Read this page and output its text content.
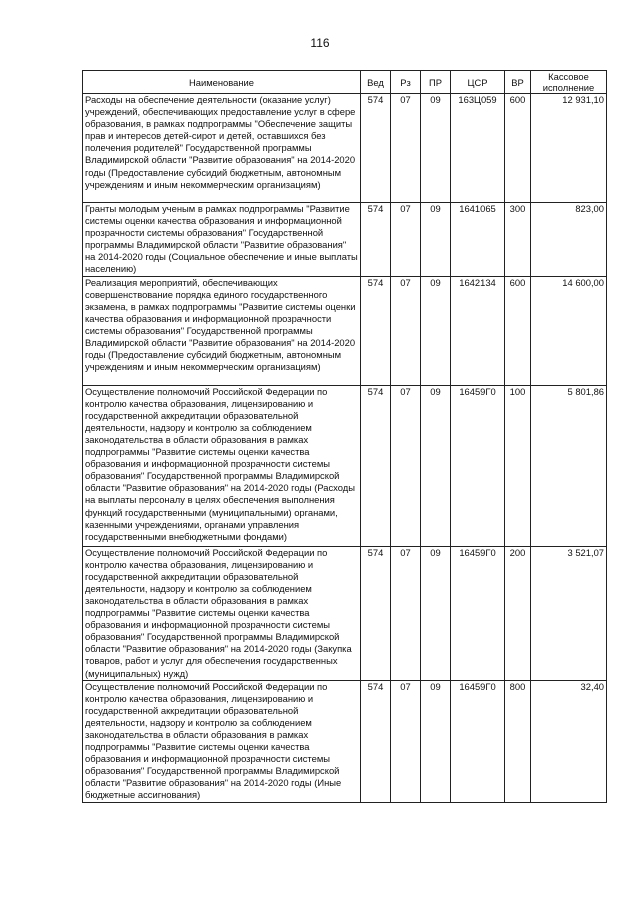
116
Наименование	Вед	Рз	ПР	ЦСР	ВР	Кассовое исполнение
Расходы на обеспечение деятельности (оказание услуг) учреждений, обеспечивающих предоставление услуг в сфере образования, в рамках подпрограммы "Обеспечение защиты прав и интересов детей-сирот и детей, оставшихся без полечения родителей" Государственной программы Владимирской области "Развитие образования" на 2014-2020 годы (Предоставление субсидий бюджетным, автономным учреждениям и иным некоммерческим организациям)	574	07	09	163Ц059	600	12 931,10
Гранты молодым ученым в рамках подпрограммы "Развитие системы оценки качества образования и информационной прозрачности системы образования" Государственной программы Владимирской области "Развитие образования" на 2014-2020 годы (Социальное обеспечение и иные выплаты населению)	574	07	09	1641065	300	823,00
Реализация мероприятий, обеспечивающих совершенствование порядка единого государственного экзамена, в рамках подпрограммы "Развитие системы оценки качества образования и информационной прозрачности системы образования" Государственной программы Владимирской области "Развитие образования" на 2014-2020 годы (Предоставление субсидий бюджетным, автономным учреждениям и иным некоммерческим организациям)	574	07	09	1642134	600	14 600,00
Осуществление полномочий Российской Федерации по контролю качества образования, лицензированию и государственной аккредитации образовательной деятельности, надзору и контролю за соблюдением законодательства в области образования в рамках подпрограммы "Развитие системы оценки качества образования и информационной прозрачности системы образования" Государственной программы Владимирской области "Развитие образования" на 2014-2020 годы (Расходы на выплаты персоналу в целях обеспечения выполнения функций государственными (муниципальными) органами, казенными учреждениями, органами управления государственными внебюджетными фондами)	574	07	09	16459Г0	100	5 801,86
Осуществление полномочий Российской Федерации по контролю качества образования, лицензированию и государственной аккредитации образовательной деятельности, надзору и контролю за соблюдением законодательства в области образования в рамках подпрограммы "Развитие системы оценки качества образования и информационной прозрачности системы образования" Государственной программы Владимирской области "Развитие образования" на 2014-2020 годы (Закупка товаров, работ и услуг для обеспечения государственных (муниципальных) нужд)	574	07	09	16459Г0	200	3 521,07
Осуществление полномочий Российской Федерации по контролю качества образования, лицензированию и государственной аккредитации образовательной деятельности, надзору и контролю за соблюдением законодательства в области образования в рамках подпрограммы "Развитие системы оценки качества образования и информационной прозрачности системы образования" Государственной программы Владимирской области "Развитие образования" на 2014-2020 годы (Иные бюджетные ассигнования)	574	07	09	16459Г0	800	32,40
